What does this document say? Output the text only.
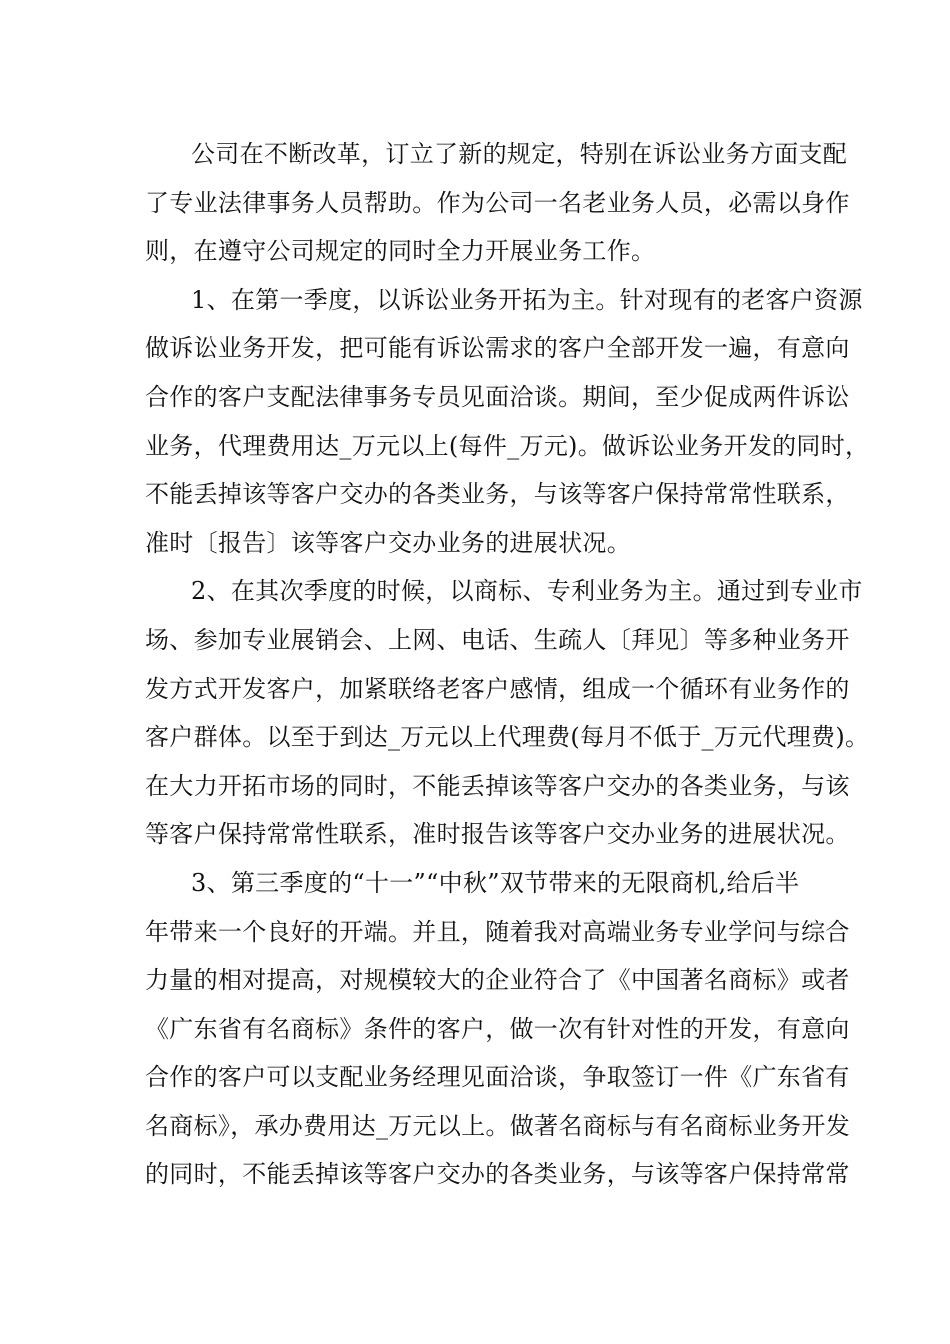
公司在不断改革，订立了新的规定，特别在诉讼业务方面支配
了专业法律事务人员帮助。作为公司一名老业务人员，必需以身作
则，在遵守公司规定的同时全力开展业务工作。
1、在第一季度，以诉讼业务开拓为主。针对现有的老客户资源
做诉讼业务开发，把可能有诉讼需求的客户全部开发一遍，有意向
合作的客户支配法律事务专员见面洽谈。期间，至少促成两件诉讼
业务，代理费用达_万元以上(每件_万元)。做诉讼业务开发的同时，
不能丢掉该等客户交办的各类业务，与该等客户保持常常性联系，
准时〔报告〕该等客户交办业务的进展状况。
2、在其次季度的时候，以商标、专利业务为主。通过到专业市
场、参加专业展销会、上网、电话、生疏人〔拜见〕等多种业务开
发方式开发客户，加紧联络老客户感情，组成一个循环有业务作的
客户群体。以至于到达_万元以上代理费(每月不低于_万元代理费)。
在大力开拓市场的同时，不能丢掉该等客户交办的各类业务，与该
等客户保持常常性联系，准时报告该等客户交办业务的进展状况。
3、第三季度的“十一”“中秋”双节带来的无限商机,给后半
年带来一个良好的开端。并且，随着我对高端业务专业学问与综合
力量的相对提高，对规模较大的企业符合了《中国著名商标》或者
《广东省有名商标》条件的客户，做一次有针对性的开发，有意向
合作的客户可以支配业务经理见面洽谈，争取签订一件《广东省有
名商标》，承办费用达_万元以上。做著名商标与有名商标业务开发
的同时，不能丢掉该等客户交办的各类业务，与该等客户保持常常
